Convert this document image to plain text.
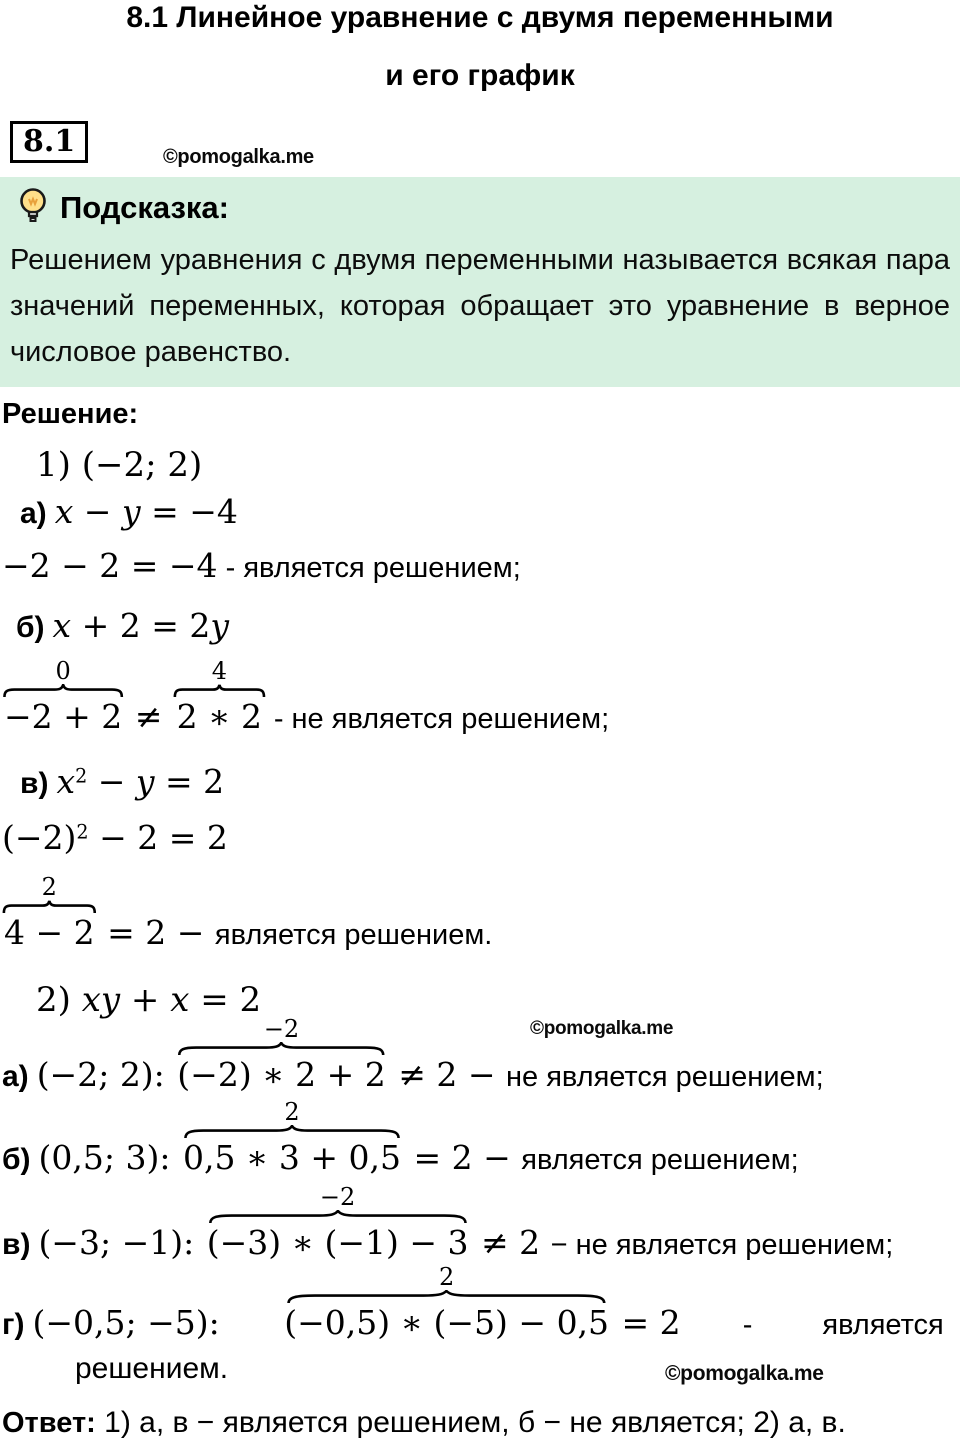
8.1 Линейное уравнение с двумя переменными
и его график
8.1	©pomogalka.me
Подсказка:
Решением уравнения с двумя переменными называется всякая пара значений переменных, которая обращает это уравнение в верное числовое равенство.
Решение:
1) (−2; 2)
а) x − y = −4
−2 − 2 = −4 - является решением;
б) x + 2 = 2y
0
−2 + 2 ≠
4
2 ∗ 2 - не является решением;
в) $x^2 - y = 2$
$(-2)^2 - 2 = 2$
2
4 − 2 = 2 − является решением.
2) xy + x = 2
©pomogalka.me
а) (−2; 2):
−2
(−2) ∗ 2 + 2 ≠ 2 − не является решением;
б) (0,5; 3):
2
0,5 ∗ 3 + 0,5 = 2 − является решением;
в) (−3; −1):
−2
(−3) ∗ (−1) − 3 ≠ 2 − не является решением;
г) (−0,5; −5):
2
(−0,5) ∗ (−5) − 0,5 = 2 - является
решением.	©pomogalka.me
Ответ: 1) а, в − является решением, б − не является; 2) а, в.
